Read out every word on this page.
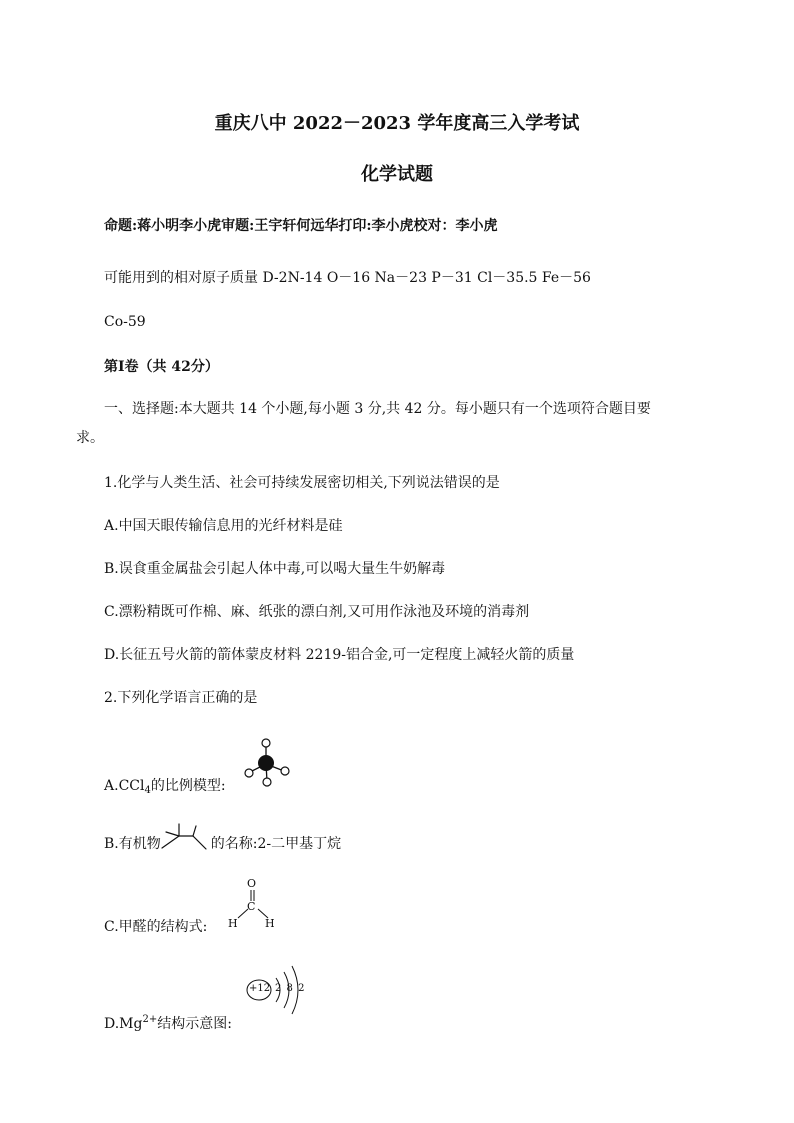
重庆八中 2022－2023 学年度高三入学考试
化学试题
命题:蒋小明李小虎审题:王宇轩何远华打印:李小虎校对：李小虎
可能用到的相对原子质量 D-2N-14 O－16 Na－23 P－31 Cl－35.5 Fe－56
Co-59
第Ⅰ卷（共 42分）
一、选择题:本大题共 14 个小题,每小题 3 分,共 42 分。每小题只有一个选项符合题目要
求。
1.化学与人类生活、社会可持续发展密切相关,下列说法错误的是
A.中国天眼传输信息用的光纤材料是硅
B.误食重金属盐会引起人体中毒,可以喝大量生牛奶解毒
C.漂粉精既可作棉、麻、纸张的漂白剂,又可用作泳池及环境的消毒剂
D.长征五号火箭的箭体蒙皮材料 2219-铝合金,可一定程度上减轻火箭的质量
2.下列化学语言正确的是
A.CCl$_4$的比例模型:
B.有机物	的名称:2-二甲基丁烷
C.甲醛的结构式:
O
C
H H
$D.Mg^{2+}$结构示意图:
+12 2 8 2
